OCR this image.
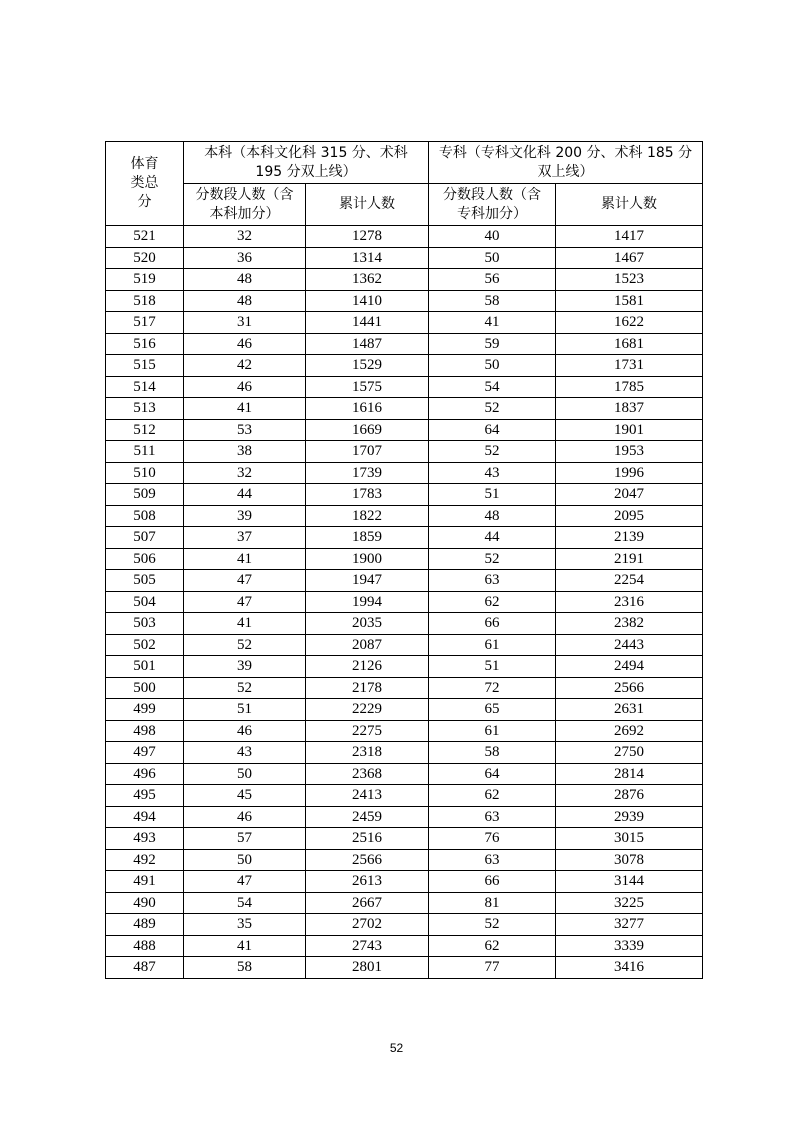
体育类总分	本科（本科文化科 315 分、术科 195 分双上线）		专科（专科文化科 200 分、术科 185 分双上线）	
	分数段人数（含本科加分）	累计人数	分数段人数（含专科加分）	累计人数
521	32	1278	40	1417
520	36	1314	50	1467
519	48	1362	56	1523
518	48	1410	58	1581
517	31	1441	41	1622
516	46	1487	59	1681
515	42	1529	50	1731
514	46	1575	54	1785
513	41	1616	52	1837
512	53	1669	64	1901
511	38	1707	52	1953
510	32	1739	43	1996
509	44	1783	51	2047
508	39	1822	48	2095
507	37	1859	44	2139
506	41	1900	52	2191
505	47	1947	63	2254
504	47	1994	62	2316
503	41	2035	66	2382
502	52	2087	61	2443
501	39	2126	51	2494
500	52	2178	72	2566
499	51	2229	65	2631
498	46	2275	61	2692
497	43	2318	58	2750
496	50	2368	64	2814
495	45	2413	62	2876
494	46	2459	63	2939
493	57	2516	76	3015
492	50	2566	63	3078
491	47	2613	66	3144
490	54	2667	81	3225
489	35	2702	52	3277
488	41	2743	62	3339
487	58	2801	77	3416
52
